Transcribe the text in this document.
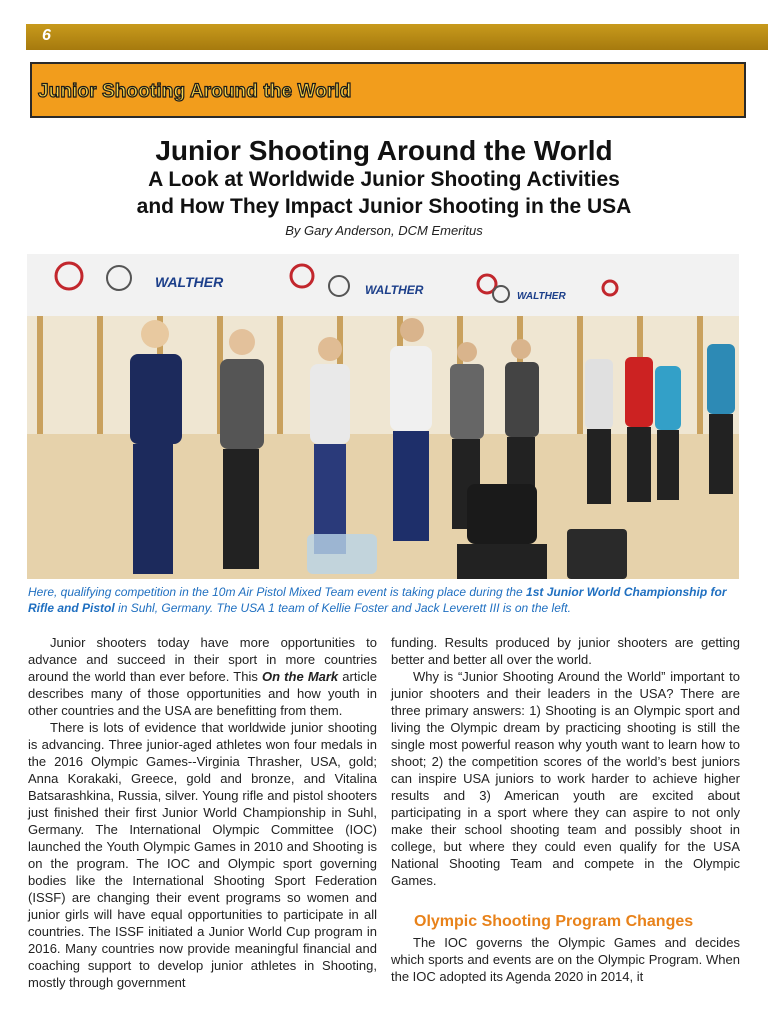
6
Junior Shooting Around the World
Junior Shooting Around the World
A Look at Worldwide Junior Shooting Activities
and How They Impact Junior Shooting in the USA
By Gary Anderson, DCM Emeritus
WALTHER	WALTHER	WALTHER
Here, qualifying competition in the 10m Air Pistol Mixed Team event is taking place during the 1st Junior World Championship for Rifle and Pistol in Suhl, Germany. The USA 1 team of Kellie Foster and Jack Leverett III is on the left.

Junior shooters today have more opportunities to advance and succeed in their sport in more countries around the world than ever before. This On the Mark article describes many of those opportunities and how youth in other countries and the USA are benefitting from them.

There is lots of evidence that worldwide junior shooting is advancing. Three junior-aged athletes won four medals in the 2016 Olympic Games--Virginia Thrasher, USA, gold; Anna Korakaki, Greece, gold and bronze, and Vitalina Batsarashkina, Russia, silver. Young rifle and pistol shooters just finished their first Junior World Championship in Suhl, Germany. The International Olympic Committee (IOC) launched the Youth Olympic Games in 2010 and Shooting is on the program. The IOC and Olympic sport governing bodies like the International Shooting Sport Federation (ISSF) are changing their event programs so women and junior girls will have equal opportunities to participate in all countries. The ISSF initiated a Junior World Cup program in 2016. Many countries now provide meaningful financial and coaching support to develop junior athletes in Shooting, mostly through government

funding. Results produced by junior shooters are getting better and better all over the world.

Why is “Junior Shooting Around the World” important to junior shooters and their leaders in the USA? There are three primary answers: 1) Shooting is an Olympic sport and living the Olympic dream by practicing shooting is still the single most powerful reason why youth want to learn how to shoot; 2) the competition scores of the world’s best juniors can inspire USA juniors to work harder to achieve higher results and 3) American youth are excited about participating in a sport where they can aspire to not only make their school shooting team and possibly shoot in college, but where they could even qualify for the USA National Shooting Team and compete in the Olympic Games.

Olympic Shooting Program Changes

The IOC governs the Olympic Games and decides which sports and events are on the Olympic Program. When the IOC adopted its Agenda 2020 in 2014, it
